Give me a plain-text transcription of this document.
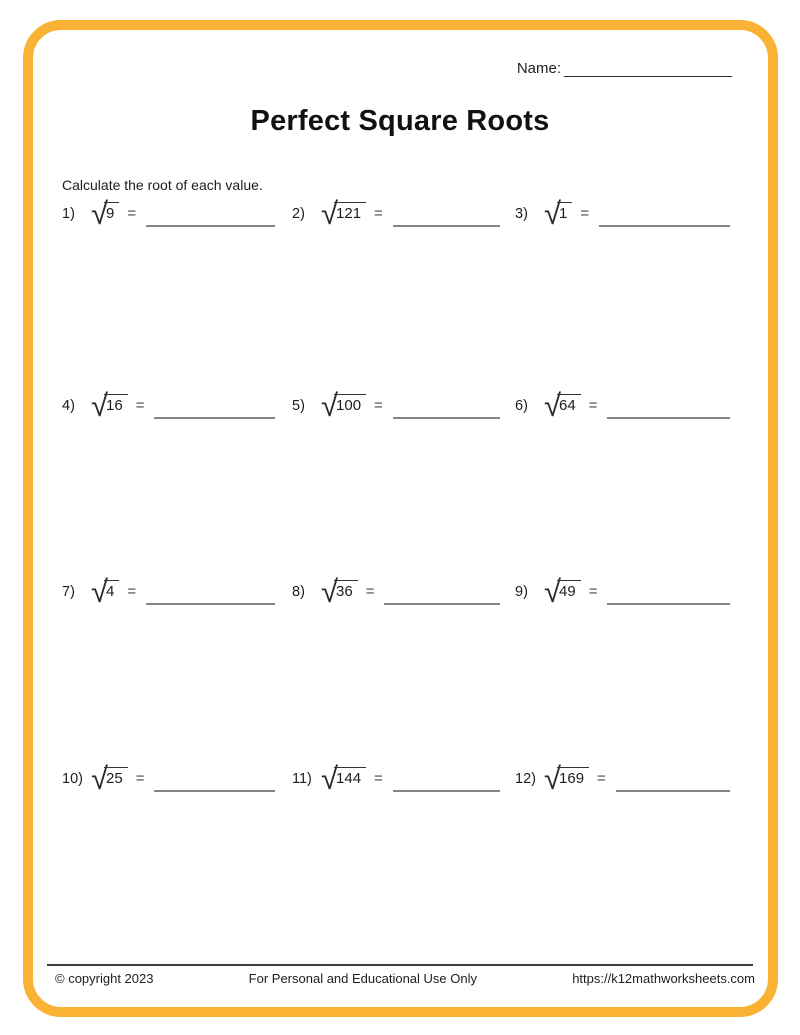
Name:
Perfect Square Roots
Calculate the root of each value.
1) √
9 =	2) √
121 =	3) √
1 =
4) √
16 =	5) √
100 =	6) √
64 =
7) √
4 =	8) √
36 =	9) √
49 =
10) √
25 =	11) √
144 =	12) √
169 =
© copyright 2023	For Personal and Educational Use Only	https://k12mathworksheets.com
